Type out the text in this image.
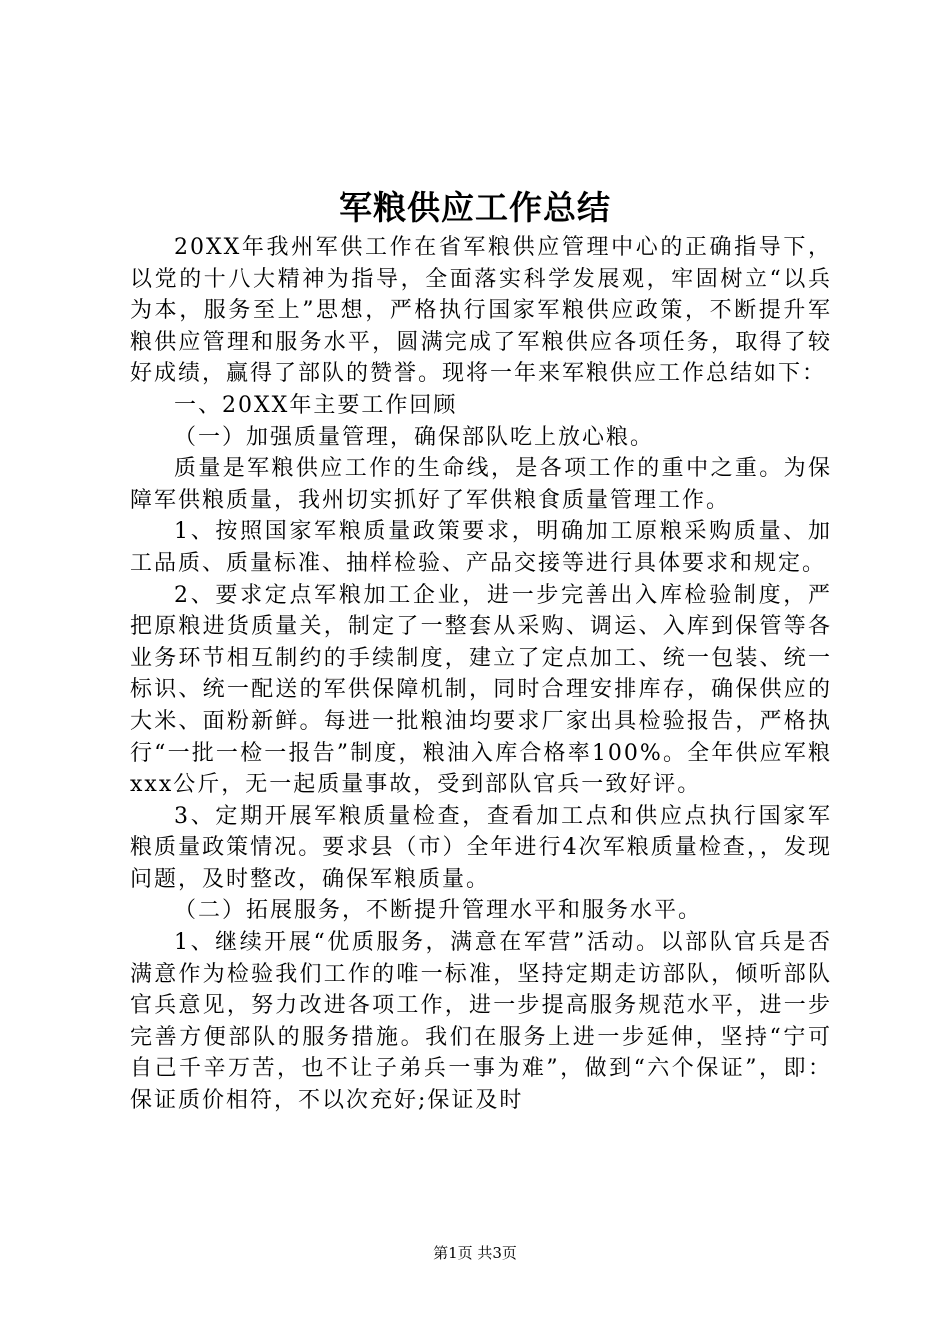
军粮供应工作总结

20XX年我州军供工作在省军粮供应管理中心的正确指导下，以党的十八大精神为指导，全面落实科学发展观，牢固树立“以兵为本，服务至上”思想，严格执行国家军粮供应政策，不断提升军粮供应管理和服务水平，圆满完成了军粮供应各项任务，取得了较好成绩，赢得了部队的赞誉。现将一年来军粮供应工作总结如下：

一、20XX年主要工作回顾

（一）加强质量管理，确保部队吃上放心粮。

质量是军粮供应工作的生命线，是各项工作的重中之重。为保障军供粮质量，我州切实抓好了军供粮食质量管理工作。

1、按照国家军粮质量政策要求，明确加工原粮采购质量、加工品质、质量标准、抽样检验、产品交接等进行具体要求和规定。

2、要求定点军粮加工企业，进一步完善出入库检验制度，严把原粮进货质量关，制定了一整套从采购、调运、入库到保管等各业务环节相互制约的手续制度，建立了定点加工、统一包装、统一标识、统一配送的军供保障机制，同时合理安排库存，确保供应的大米、面粉新鲜。每进一批粮油均要求厂家出具检验报告，严格执行“一批一检一报告”制度，粮油入库合格率100%。全年供应军粮xxx公斤，无一起质量事故，受到部队官兵一致好评。

3、定期开展军粮质量检查，查看加工点和供应点执行国家军粮质量政策情况。要求县（市）全年进行4次军粮质量检查，，发现问题，及时整改，确保军粮质量。

（二）拓展服务，不断提升管理水平和服务水平。

1、继续开展“优质服务，满意在军营”活动。以部队官兵是否满意作为检验我们工作的唯一标准，坚持定期走访部队，倾听部队官兵意见，努力改进各项工作，进一步提高服务规范水平，进一步完善方便部队的服务措施。我们在服务上进一步延伸，坚持“宁可自己千辛万苦，也不让子弟兵一事为难”，做到“六个保证”，即：保证质价相符，不以次充好;保证及时

第1页 共3页
